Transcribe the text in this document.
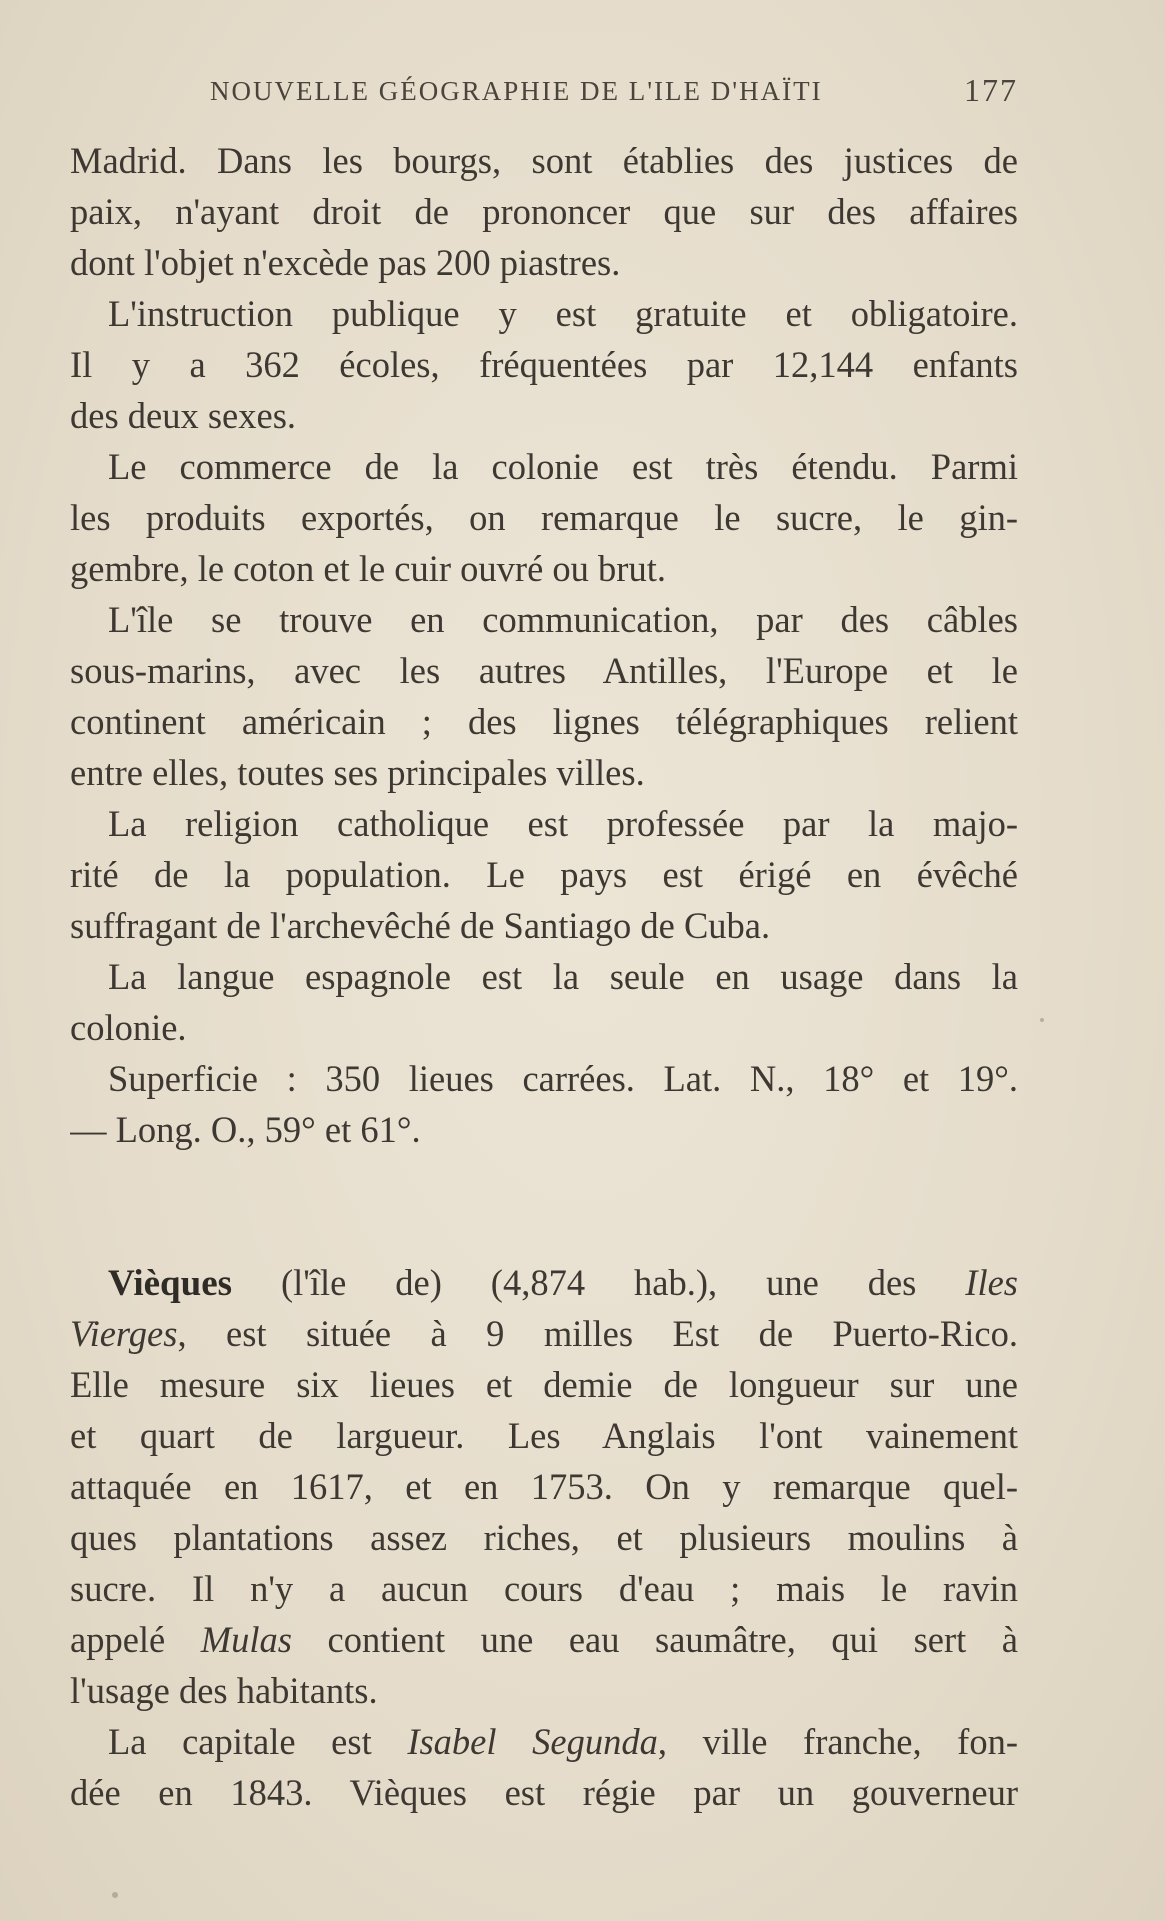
NOUVELLE GÉOGRAPHIE DE L'ILE D'HAÏTI	177
Madrid. Dans les bourgs, sont établies des justices de
paix, n'ayant droit de prononcer que sur des affaires
dont l'objet n'excède pas 200 piastres.
L'instruction publique y est gratuite et obligatoire.
Il y a 362 écoles, fréquentées par 12,144 enfants
des deux sexes.
Le commerce de la colonie est très étendu. Parmi
les produits exportés, on remarque le sucre, le gin-
gembre, le coton et le cuir ouvré ou brut.
L'île se trouve en communication, par des câbles
sous-marins, avec les autres Antilles, l'Europe et le
continent américain ; des lignes télégraphiques relient
entre elles, toutes ses principales villes.
La religion catholique est professée par la majo-
rité de la population. Le pays est érigé en évêché
suffragant de l'archevêché de Santiago de Cuba.
La langue espagnole est la seule en usage dans la
colonie.
Superficie : 350 lieues carrées. Lat. N., 18° et 19°.
— Long. O., 59° et 61°.
Vièques (l'île de) (4,874 hab.), une des Iles
Vierges, est située à 9 milles Est de Puerto-Rico.
Elle mesure six lieues et demie de longueur sur une
et quart de largueur. Les Anglais l'ont vainement
attaquée en 1617, et en 1753. On y remarque quel-
ques plantations assez riches, et plusieurs moulins à
sucre. Il n'y a aucun cours d'eau ; mais le ravin
appelé Mulas contient une eau saumâtre, qui sert à
l'usage des habitants.
La capitale est Isabel Segunda, ville franche, fon-
dée en 1843. Vièques est régie par un gouverneur
